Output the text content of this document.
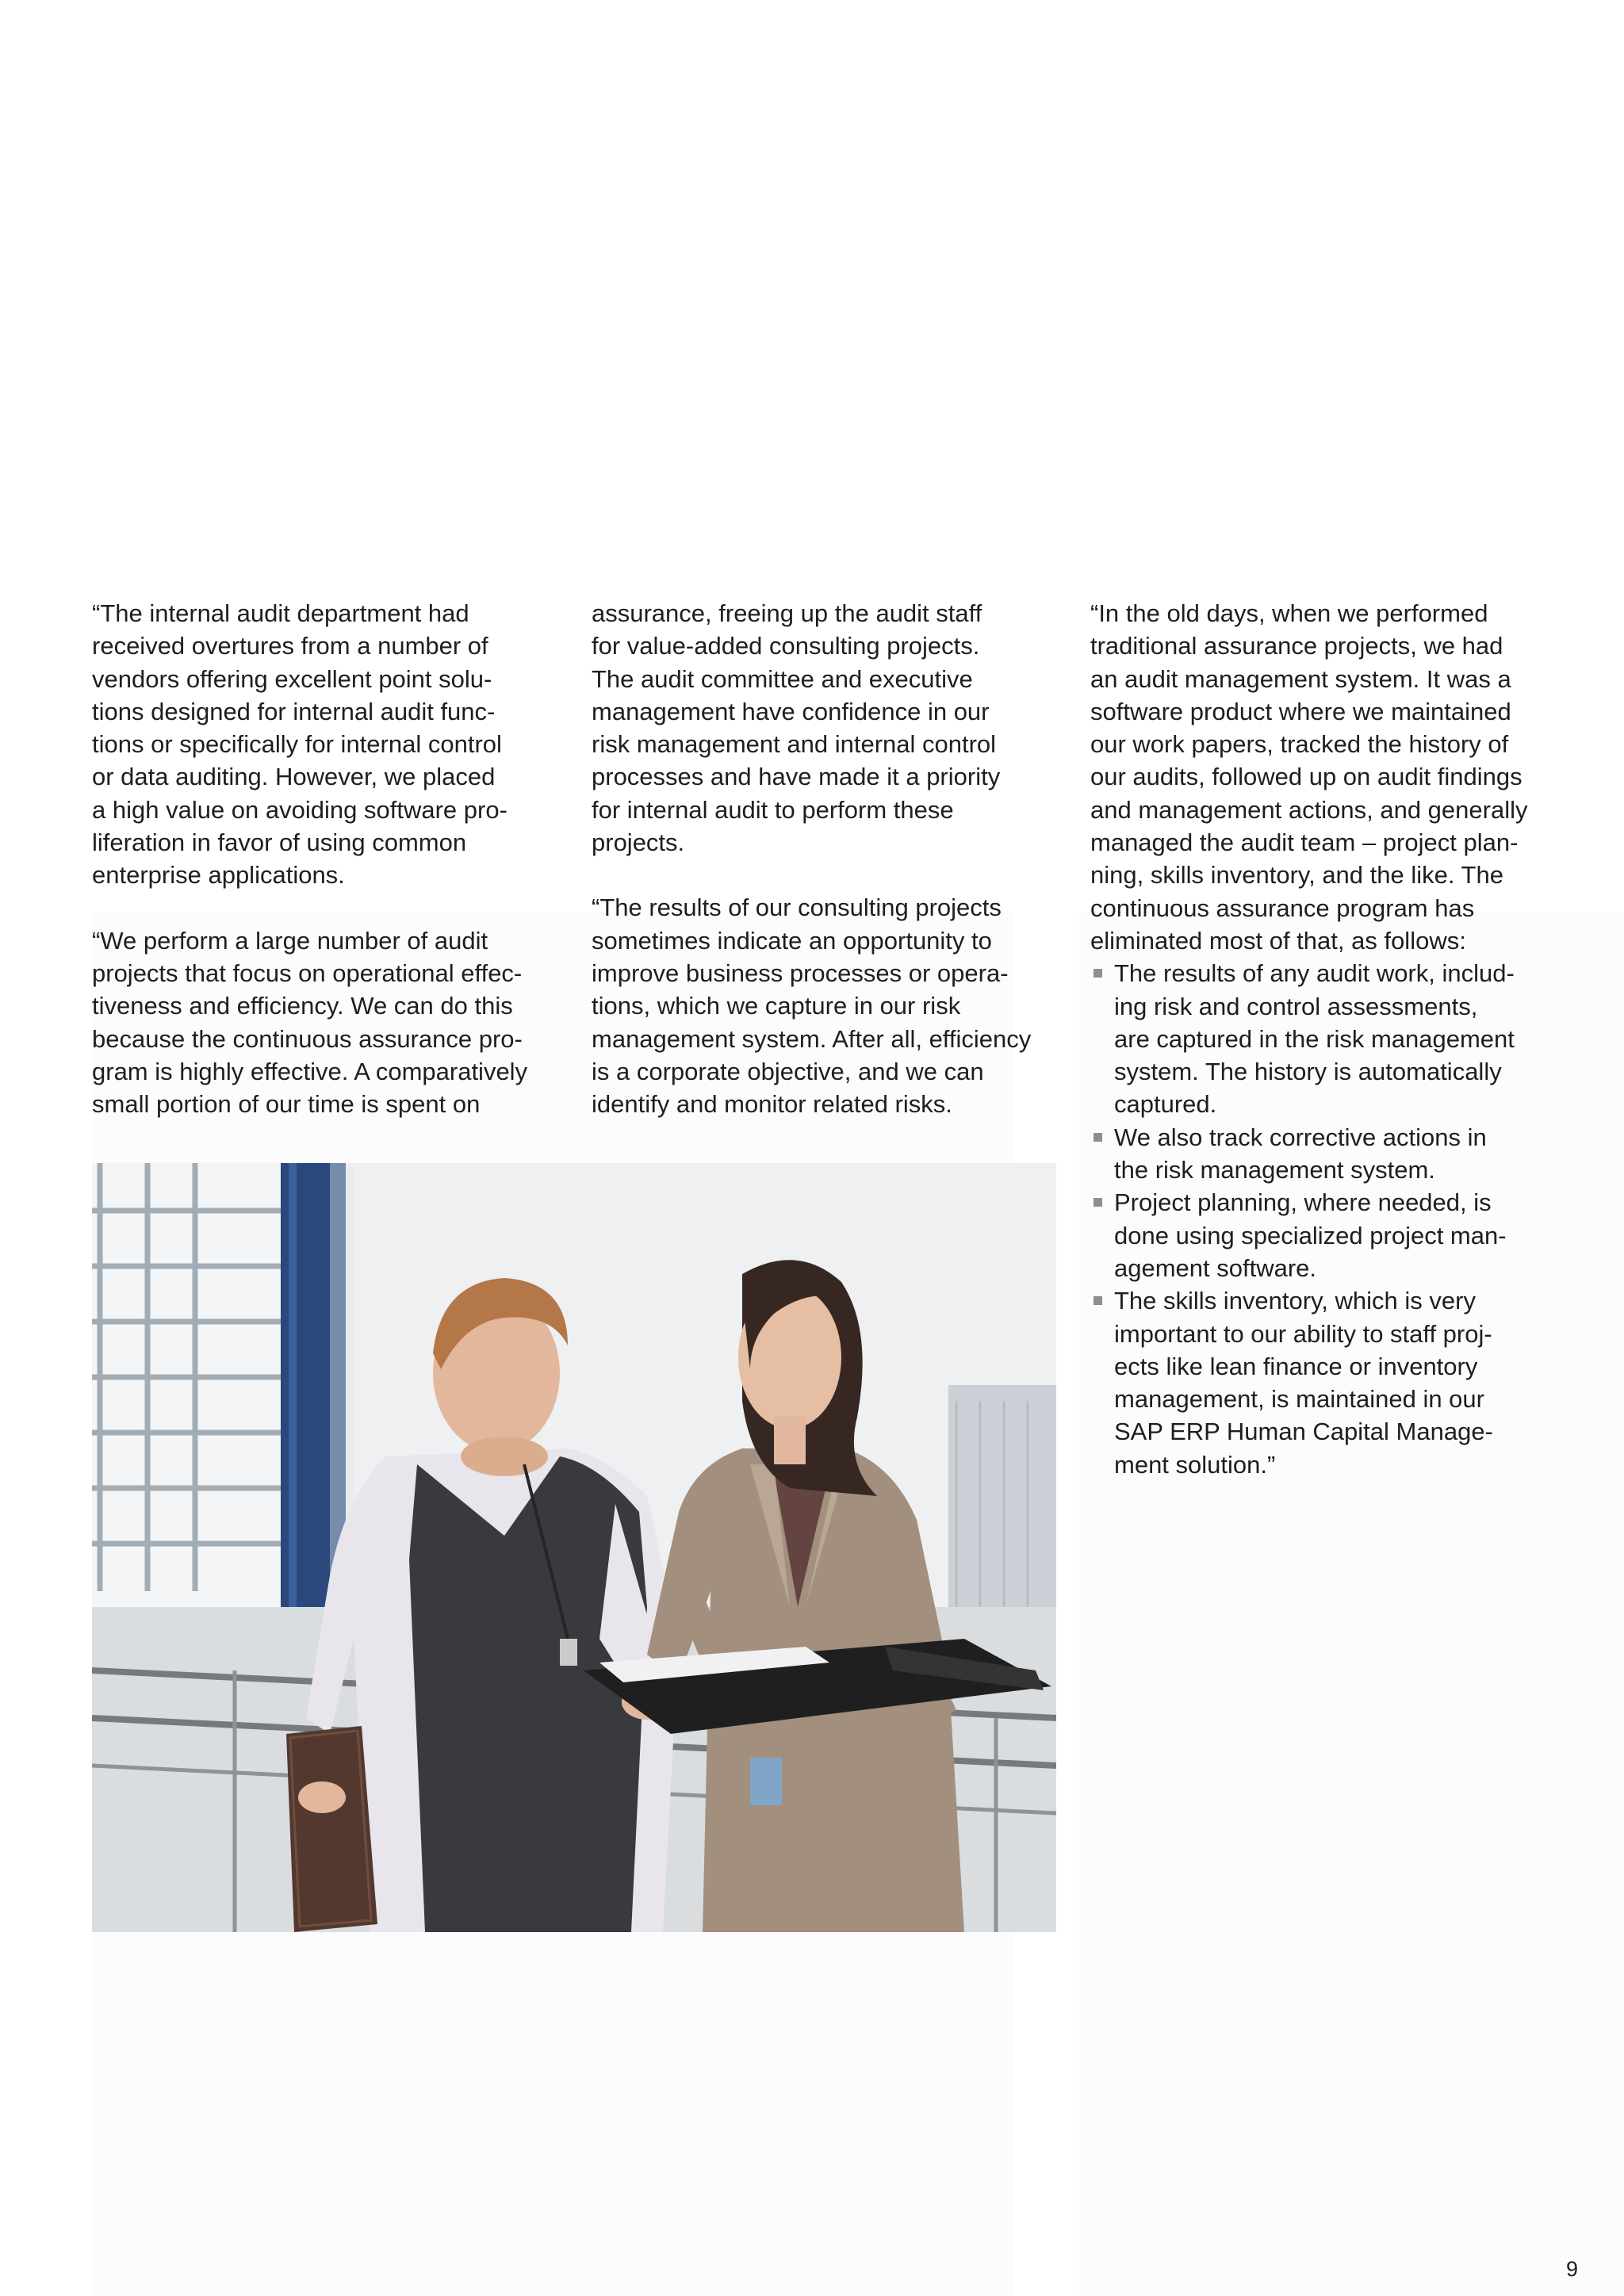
“The internal audit department had
received overtures from a number of
vendors offering excellent point solu-
tions designed for internal audit func-
tions or specifically for internal control
or data auditing. However, we placed
a high value on avoiding software pro-
liferation in favor of using common
enterprise applications.

“We perform a large number of audit
projects that focus on operational effec-
tiveness and efficiency. We can do this
because the continuous assurance pro-
gram is highly effective. A comparatively
small portion of our time is spent on

assurance, freeing up the audit staff
for value-added consulting projects.
The audit committee and executive
management have confidence in our
risk management and internal control
processes and have made it a priority
for internal audit to perform these
projects.

“The results of our consulting projects
sometimes indicate an opportunity to
improve business processes or opera-
tions, which we capture in our risk
management system. After all, efficiency
is a corporate objective, and we can
identify and monitor related risks.

“In the old days, when we performed
traditional assurance projects, we had
an audit management system. It was a
software product where we maintained
our work papers, tracked the history of
our audits, followed up on audit findings
and management actions, and generally
managed the audit team – project plan-
ning, skills inventory, and the like. The
continuous assurance program has
eliminated most of that, as follows:

The results of any audit work, includ-
ing risk and control assessments,
are captured in the risk management
system. The history is automatically
captured.
We also track corrective actions in
the risk management system.
Project planning, where needed, is
done using specialized project man-
agement software.
The skills inventory, which is very
important to our ability to staff proj-
ects like lean finance or inventory
management, is maintained in our
SAP ERP Human Capital Manage-
ment solution.”
9
